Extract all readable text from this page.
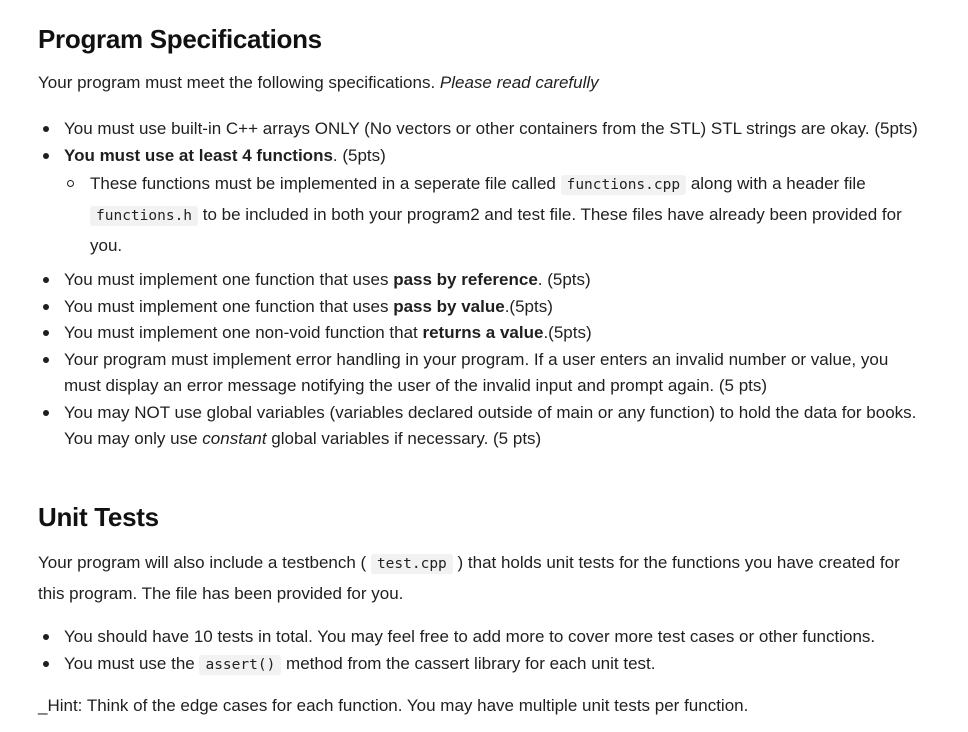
Program Specifications

Your program must meet the following specifications. Please read carefully

You must use built-in C++ arrays ONLY (No vectors or other containers from the STL) STL strings are okay. (5pts)
You must use at least 4 functions. (5pts)
These functions must be implemented in a seperate file called functions.cpp along with a header file functions.h to be included in both your program2 and test file. These files have already been provided for you.
You must implement one function that uses pass by reference. (5pts)
You must implement one function that uses pass by value.(5pts)
You must implement one non-void function that returns a value.(5pts)
Your program must implement error handling in your program. If a user enters an invalid number or value, you must display an error message notifying the user of the invalid input and prompt again. (5 pts)
You may NOT use global variables (variables declared outside of main or any function) to hold the data for books. You may only use constant global variables if necessary. (5 pts)
Unit Tests

Your program will also include a testbench ( test.cpp ) that holds unit tests for the functions you have created for this program. The file has been provided for you.

You should have 10 tests in total. You may feel free to add more to cover more test cases or other functions.
You must use the assert() method from the cassert library for each unit test.

_Hint: Think of the edge cases for each function. You may have multiple unit tests per function.
